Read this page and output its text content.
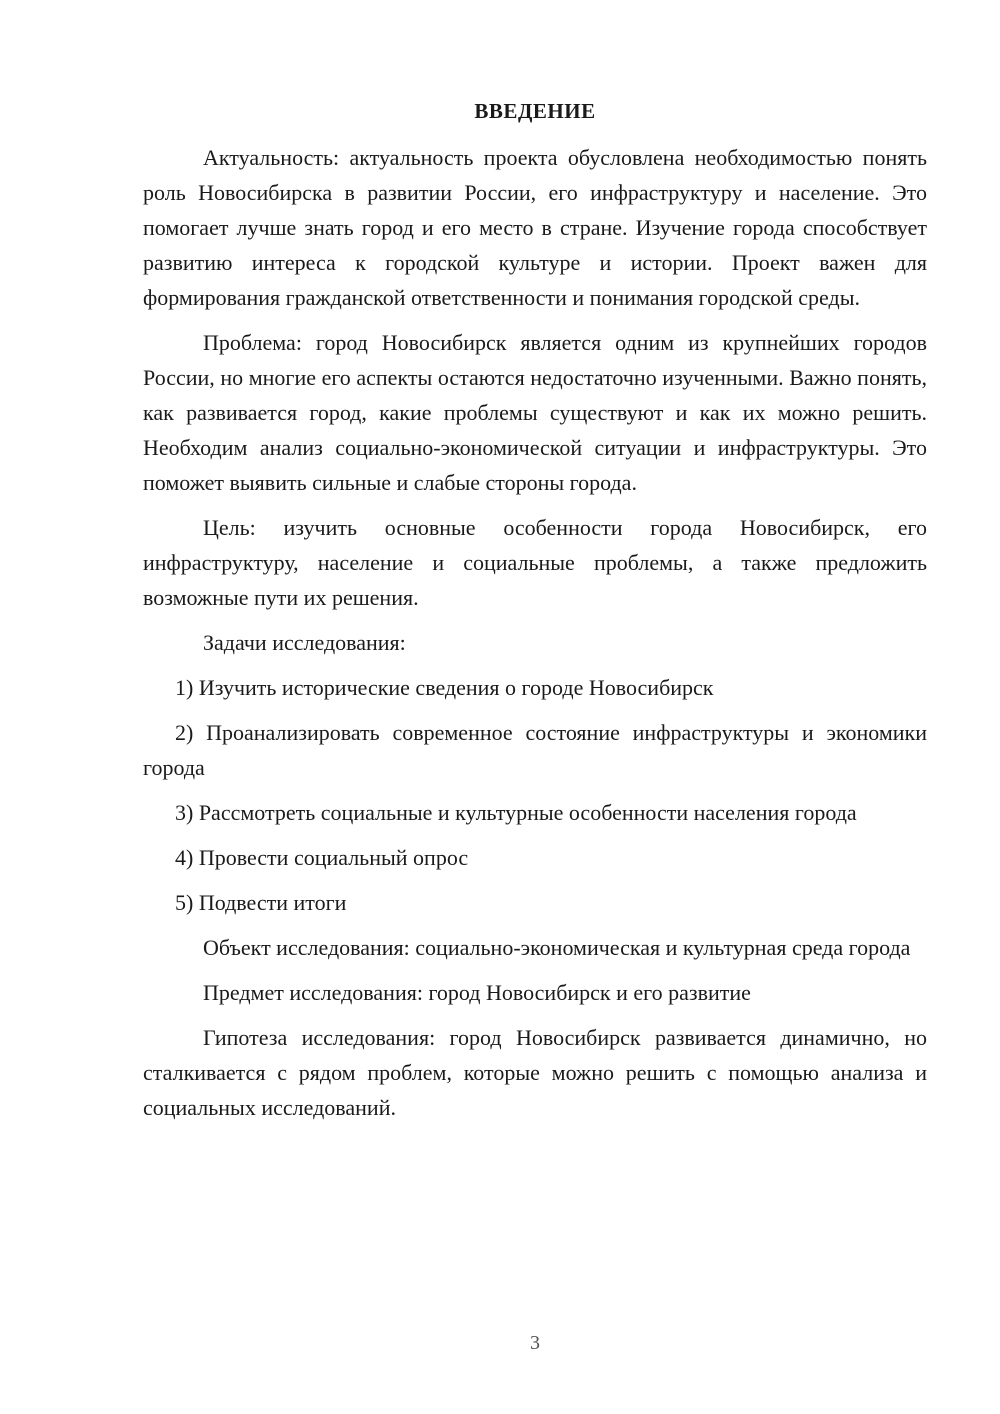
ВВЕДЕНИЕ

Актуальность: актуальность проекта обусловлена необходимостью понять роль Новосибирска в развитии России, его инфраструктуру и население. Это помогает лучше знать город и его место в стране. Изучение города способствует развитию интереса к городской культуре и истории. Проект важен для формирования гражданской ответственности и понимания городской среды.

Проблема: город Новосибирск является одним из крупнейших городов России, но многие его аспекты остаются недостаточно изученными. Важно понять, как развивается город, какие проблемы существуют и как их можно решить. Необходим анализ социально-экономической ситуации и инфраструктуры. Это поможет выявить сильные и слабые стороны города.

Цель: изучить основные особенности города Новосибирск, его инфраструктуру, население и социальные проблемы, а также предложить возможные пути их решения.

Задачи исследования:

1) Изучить исторические сведения о городе Новосибирск

2) Проанализировать современное состояние инфраструктуры и экономики города

3) Рассмотреть социальные и культурные особенности населения города

4) Провести социальный опрос

5) Подвести итоги

Объект исследования: социально-экономическая и культурная среда города

Предмет исследования: город Новосибирск и его развитие

Гипотеза исследования: город Новосибирск развивается динамично, но сталкивается с рядом проблем, которые можно решить с помощью анализа и социальных исследований.

3
